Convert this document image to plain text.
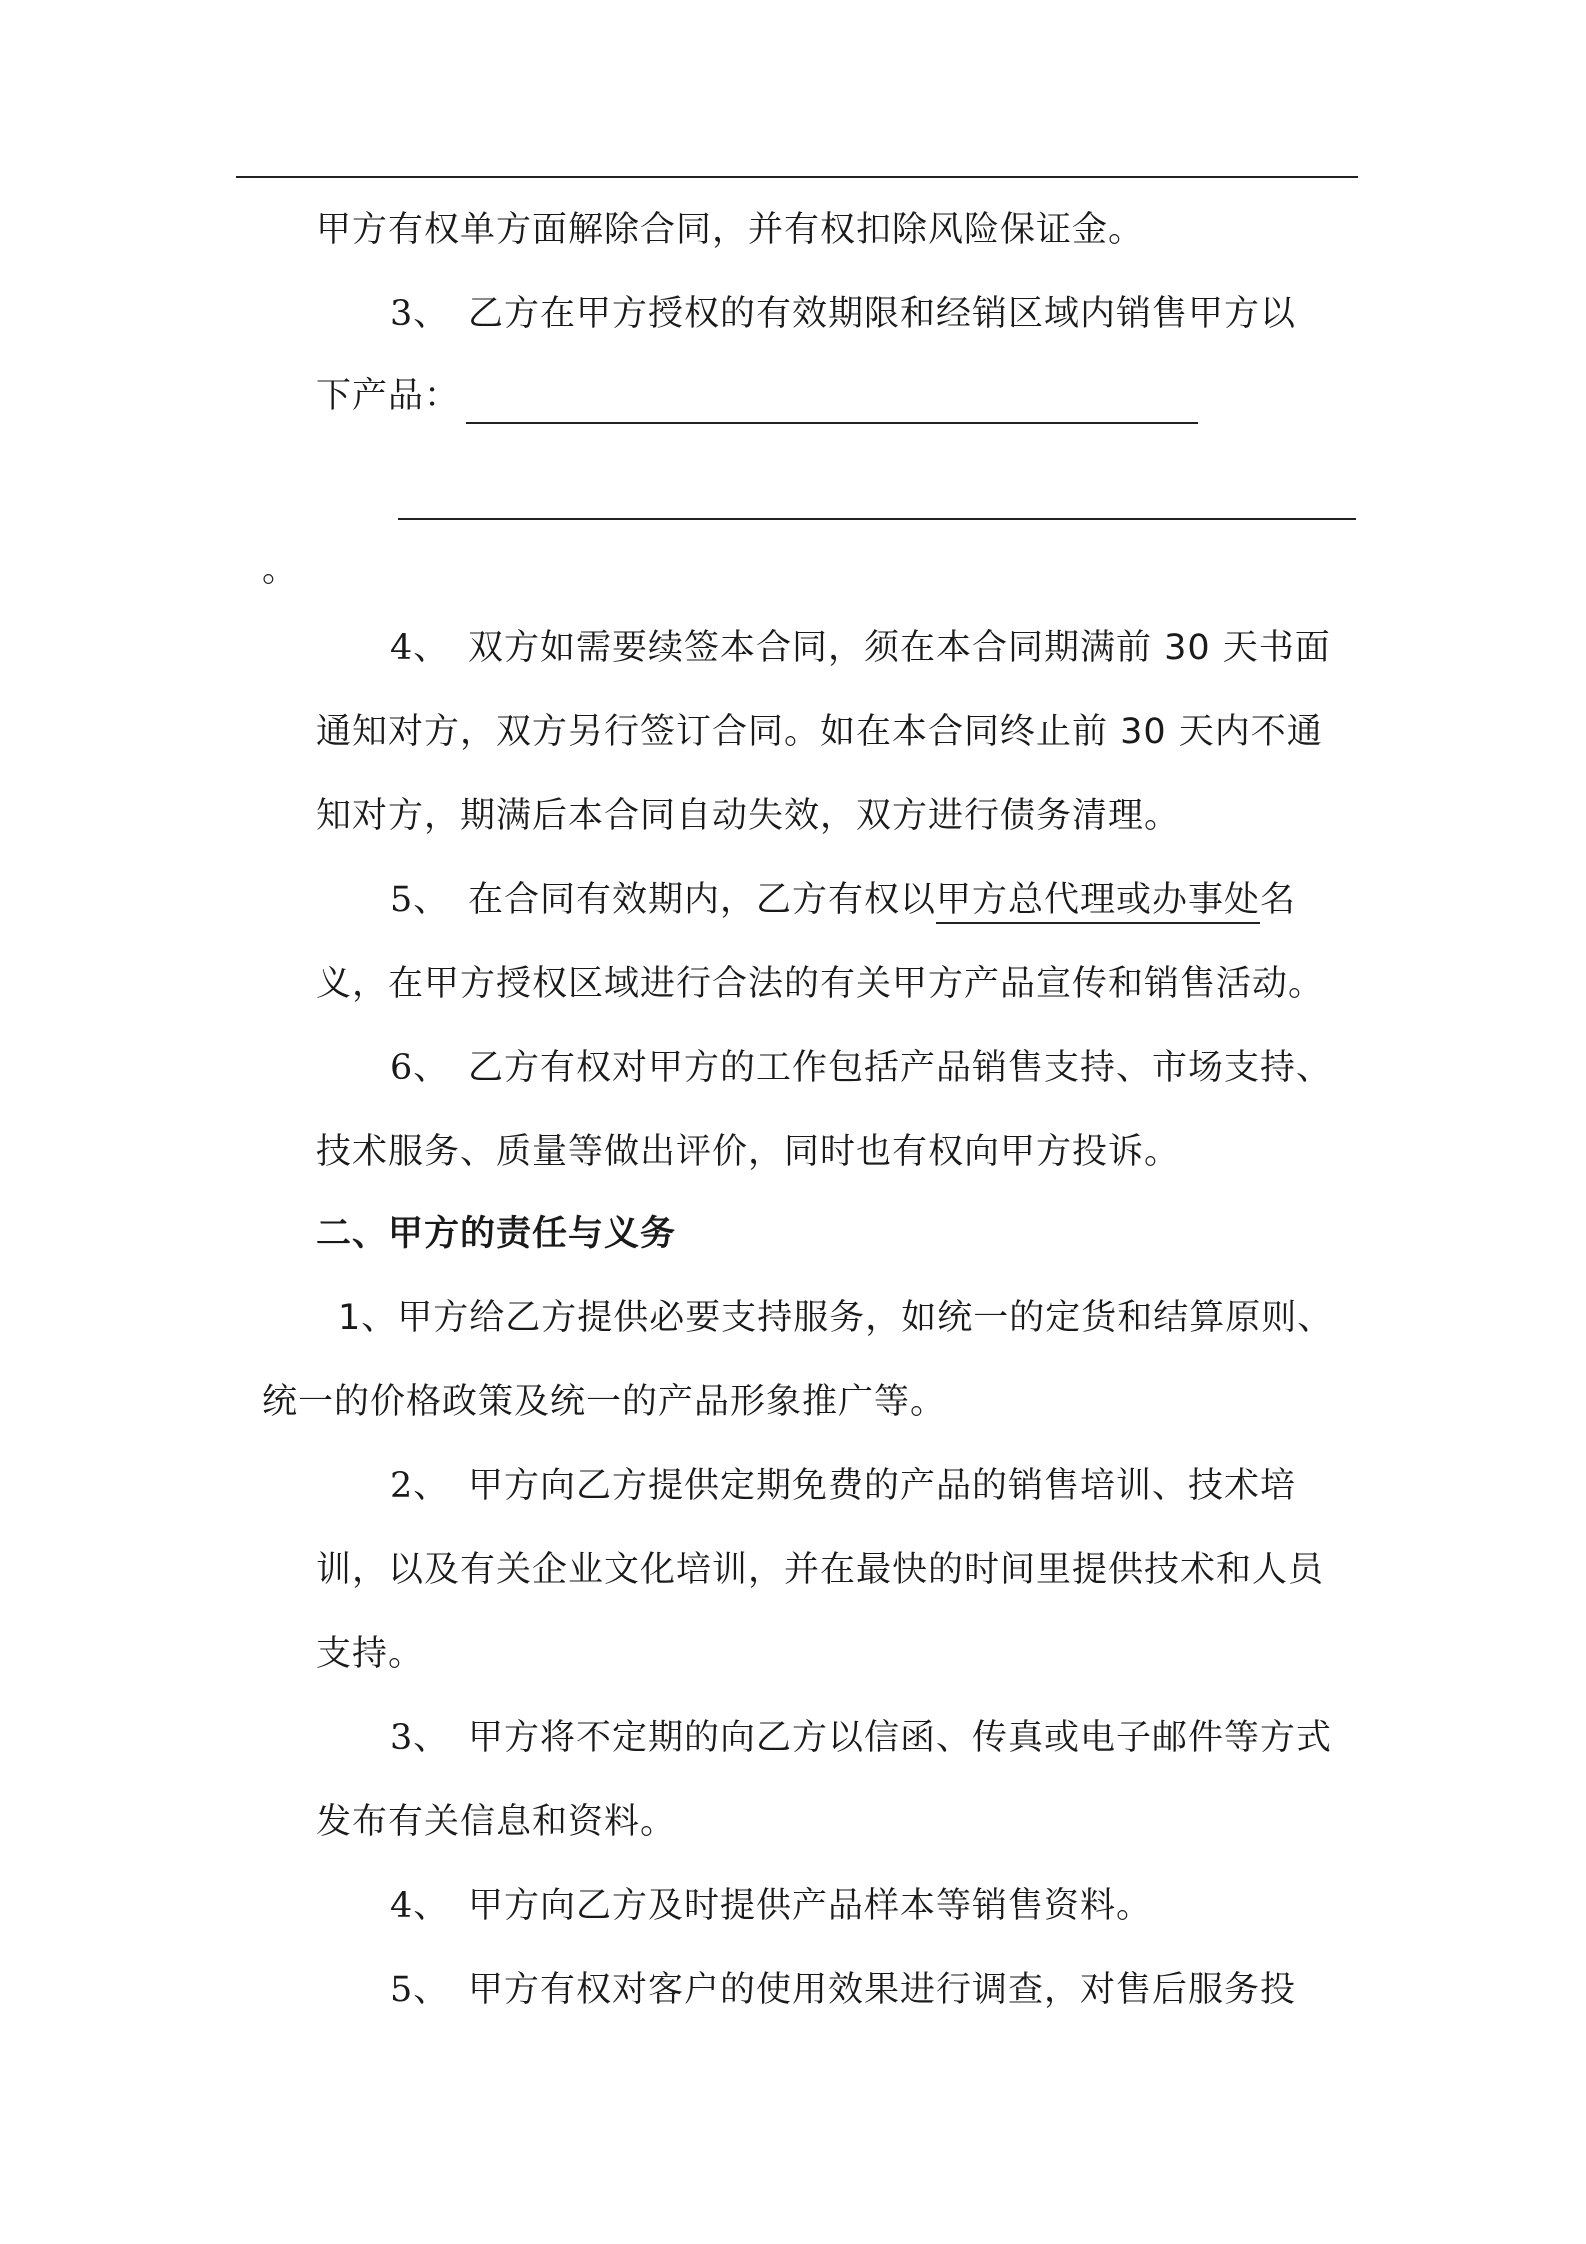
甲方有权单方面解除合同，并有权扣除风险保证金。
3、 乙方在甲方授权的有效期限和经销区域内销售甲方以
下产品：
。
4、 双方如需要续签本合同，须在本合同期满前 30 天书面
通知对方，双方另行签订合同。如在本合同终止前 30 天内不通
知对方，期满后本合同自动失效，双方进行债务清理。
5、 在合同有效期内，乙方有权以甲方总代理或办事处名
义，在甲方授权区域进行合法的有关甲方产品宣传和销售活动。
6、 乙方有权对甲方的工作包括产品销售支持、市场支持、
技术服务、质量等做出评价，同时也有权向甲方投诉。
二、甲方的责任与义务
1、甲方给乙方提供必要支持服务，如统一的定货和结算原则、
统一的价格政策及统一的产品形象推广等。
2、 甲方向乙方提供定期免费的产品的销售培训、技术培
训，以及有关企业文化培训，并在最快的时间里提供技术和人员
支持。
3、 甲方将不定期的向乙方以信函、传真或电子邮件等方式
发布有关信息和资料。
4、 甲方向乙方及时提供产品样本等销售资料。
5、 甲方有权对客户的使用效果进行调查，对售后服务投
